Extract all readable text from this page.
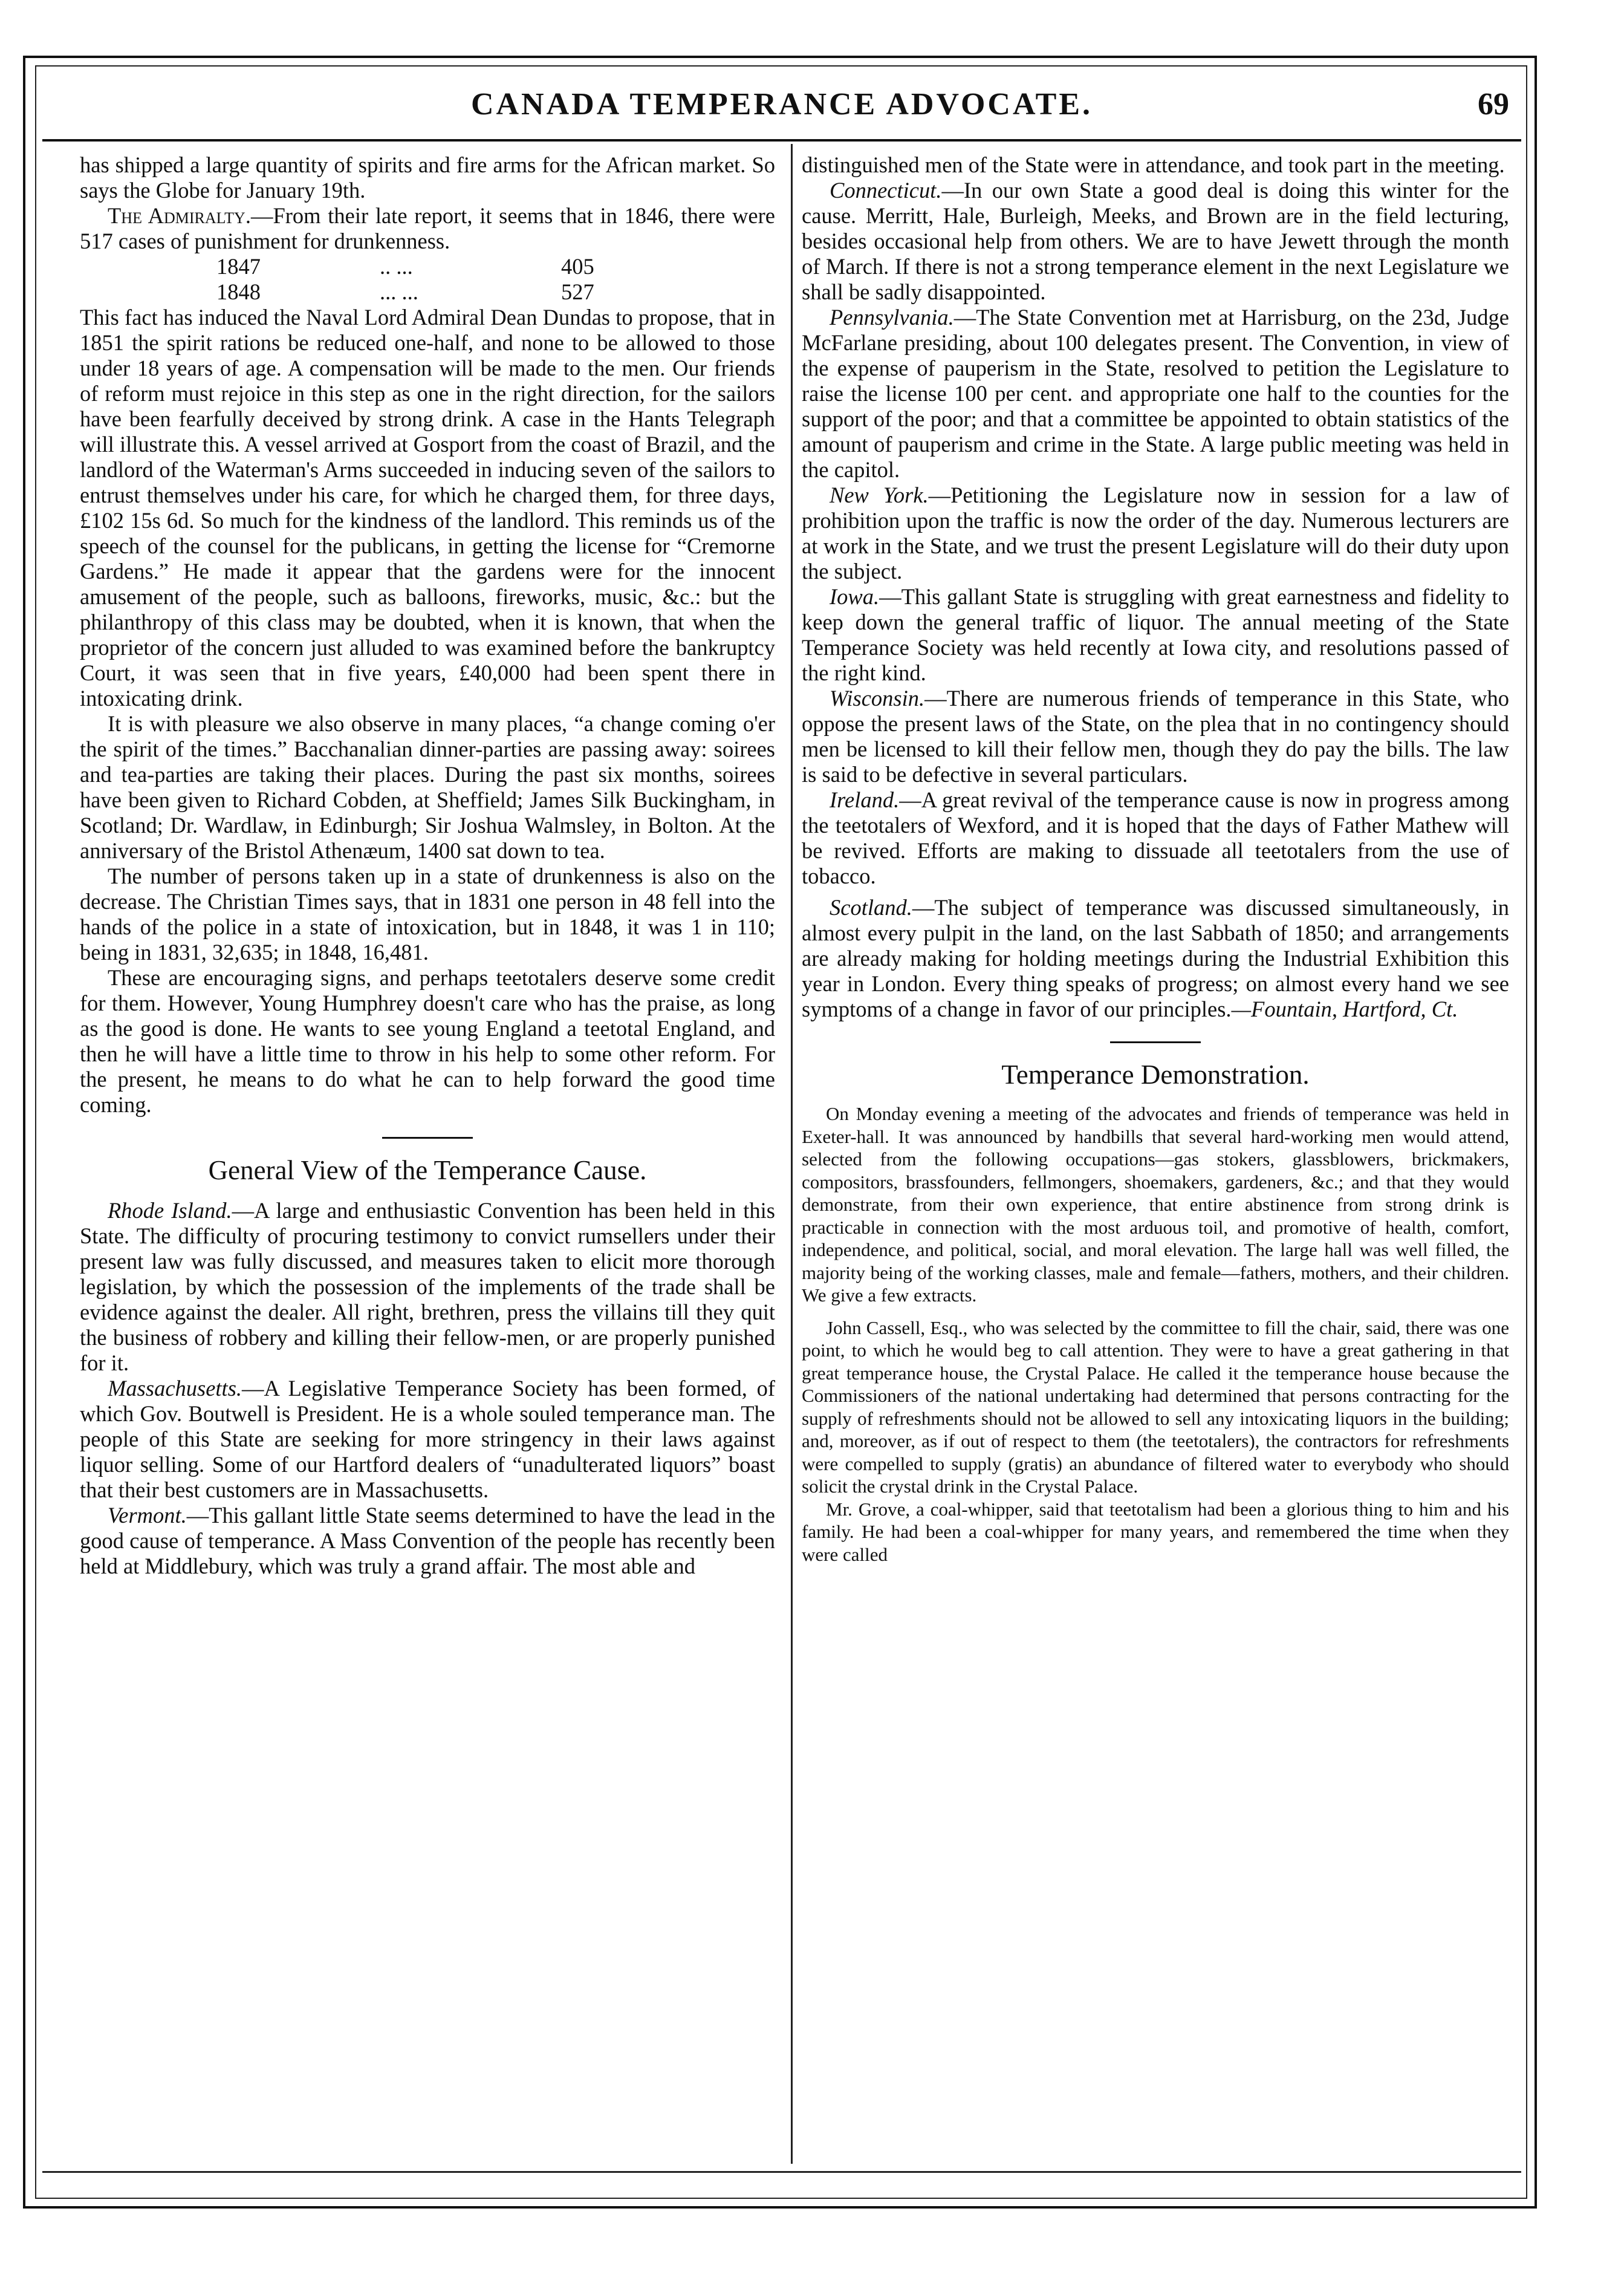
CANADA TEMPERANCE ADVOCATE.	69

has shipped a large quantity of spirits and fire arms for the African market. So says the Globe for January 19th.

The Admiralty.—From their late report, it seems that in 1846, there were 517 cases of punishment for drunkenness.

1847	.. ...	405
1848	... ...	527

This fact has induced the Naval Lord Admiral Dean Dundas to propose, that in 1851 the spirit rations be reduced one-half, and none to be allowed to those under 18 years of age. A compensation will be made to the men. Our friends of reform must rejoice in this step as one in the right direction, for the sailors have been fearfully deceived by strong drink. A case in the Hants Telegraph will illustrate this. A vessel arrived at Gosport from the coast of Brazil, and the landlord of the Waterman's Arms succeeded in inducing seven of the sailors to entrust themselves under his care, for which he charged them, for three days, £102 15s 6d. So much for the kindness of the landlord. This reminds us of the speech of the counsel for the publicans, in getting the license for “Cremorne Gardens.” He made it appear that the gardens were for the innocent amusement of the people, such as balloons, fireworks, music, &c.: but the philanthropy of this class may be doubted, when it is known, that when the proprietor of the concern just alluded to was examined before the bankruptcy Court, it was seen that in five years, £40,000 had been spent there in intoxicating drink.

It is with pleasure we also observe in many places, “a change coming o'er the spirit of the times.” Bacchanalian dinner-parties are passing away: soirees and tea-parties are taking their places. During the past six months, soirees have been given to Richard Cobden, at Sheffield; James Silk Buckingham, in Scotland; Dr. Wardlaw, in Edinburgh; Sir Joshua Walmsley, in Bolton. At the anniversary of the Bristol Athenæum, 1400 sat down to tea.

The number of persons taken up in a state of drunkenness is also on the decrease. The Christian Times says, that in 1831 one person in 48 fell into the hands of the police in a state of intoxication, but in 1848, it was 1 in 110; being in 1831, 32,635; in 1848, 16,481.

These are encouraging signs, and perhaps teetotalers deserve some credit for them. However, Young Humphrey doesn't care who has the praise, as long as the good is done. He wants to see young England a teetotal England, and then he will have a little time to throw in his help to some other reform. For the present, he means to do what he can to help forward the good time coming.

General View of the Temperance Cause.

Rhode Island.—A large and enthusiastic Convention has been held in this State. The difficulty of procuring testimony to convict rumsellers under their present law was fully discussed, and measures taken to elicit more thorough legislation, by which the possession of the implements of the trade shall be evidence against the dealer. All right, brethren, press the villains till they quit the business of robbery and killing their fellow-men, or are properly punished for it.

Massachusetts.—A Legislative Temperance Society has been formed, of which Gov. Boutwell is President. He is a whole souled temperance man. The people of this State are seeking for more stringency in their laws against liquor selling. Some of our Hartford dealers of “unadulterated liquors” boast that their best customers are in Massachusetts.

Vermont.—This gallant little State seems determined to have the lead in the good cause of temperance. A Mass Convention of the people has recently been held at Middlebury, which was truly a grand affair. The most able and

distinguished men of the State were in attendance, and took part in the meeting.

Connecticut.—In our own State a good deal is doing this winter for the cause. Merritt, Hale, Burleigh, Meeks, and Brown are in the field lecturing, besides occasional help from others. We are to have Jewett through the month of March. If there is not a strong temperance element in the next Legislature we shall be sadly disappointed.

Pennsylvania.—The State Convention met at Harrisburg, on the 23d, Judge McFarlane presiding, about 100 delegates present. The Convention, in view of the expense of pauperism in the State, resolved to petition the Legislature to raise the license 100 per cent. and appropriate one half to the counties for the support of the poor; and that a committee be appointed to obtain statistics of the amount of pauperism and crime in the State. A large public meeting was held in the capitol.

New York.—Petitioning the Legislature now in session for a law of prohibition upon the traffic is now the order of the day. Numerous lecturers are at work in the State, and we trust the present Legislature will do their duty upon the subject.

Iowa.—This gallant State is struggling with great earnestness and fidelity to keep down the general traffic of liquor. The annual meeting of the State Temperance Society was held recently at Iowa city, and resolutions passed of the right kind.

Wisconsin.—There are numerous friends of temperance in this State, who oppose the present laws of the State, on the plea that in no contingency should men be licensed to kill their fellow men, though they do pay the bills. The law is said to be defective in several particulars.

Ireland.—A great revival of the temperance cause is now in progress among the teetotalers of Wexford, and it is hoped that the days of Father Mathew will be revived. Efforts are making to dissuade all teetotalers from the use of tobacco.

Scotland.—The subject of temperance was discussed simultaneously, in almost every pulpit in the land, on the last Sabbath of 1850; and arrangements are already making for holding meetings during the Industrial Exhibition this year in London. Every thing speaks of progress; on almost every hand we see symptoms of a change in favor of our principles.—Fountain, Hartford, Ct.

Temperance Demonstration.

On Monday evening a meeting of the advocates and friends of temperance was held in Exeter-hall. It was announced by handbills that several hard-working men would attend, selected from the following occupations—gas stokers, glassblowers, brickmakers, compositors, brassfounders, fellmongers, shoemakers, gardeners, &c.; and that they would demonstrate, from their own experience, that entire abstinence from strong drink is practicable in connection with the most arduous toil, and promotive of health, comfort, independence, and political, social, and moral elevation. The large hall was well filled, the majority being of the working classes, male and female—fathers, mothers, and their children. We give a few extracts.

John Cassell, Esq., who was selected by the committee to fill the chair, said, there was one point, to which he would beg to call attention. They were to have a great gathering in that great temperance house, the Crystal Palace. He called it the temperance house because the Commissioners of the national undertaking had determined that persons contracting for the supply of refreshments should not be allowed to sell any intoxicating liquors in the building; and, moreover, as if out of respect to them (the teetotalers), the contractors for refreshments were compelled to supply (gratis) an abundance of filtered water to everybody who should solicit the crystal drink in the Crystal Palace.

Mr. Grove, a coal-whipper, said that teetotalism had been a glorious thing to him and his family. He had been a coal-whipper for many years, and remembered the time when they were called
